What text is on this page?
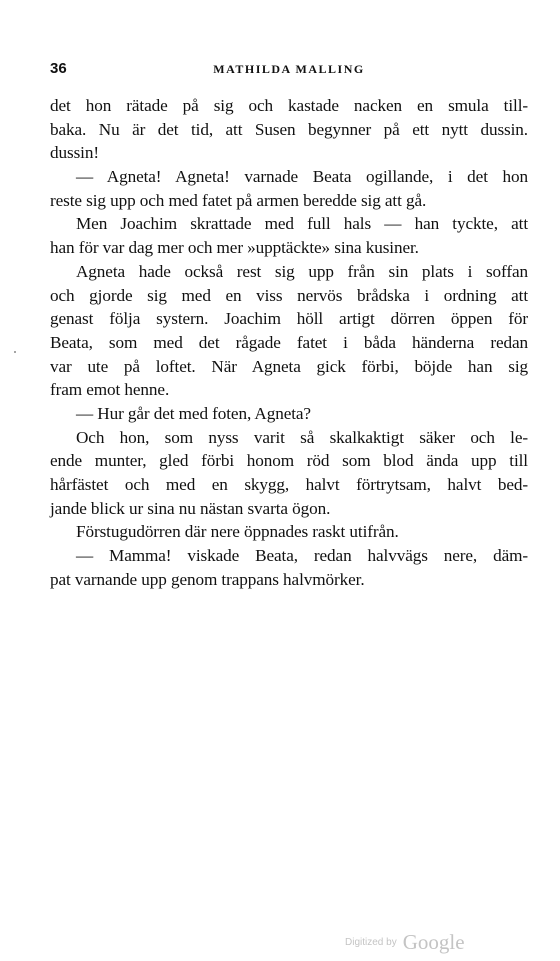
36	MATHILDA MALLING
det hon rätade på sig och kastade nacken en smula till-
baka. Nu är det tid, att Susen begynner på ett nytt dussin.
dussin!
— Agneta! Agneta! varnade Beata ogillande, i det hon
reste sig upp och med fatet på armen beredde sig att gå.
Men Joachim skrattade med full hals — han tyckte, att
han för var dag mer och mer »upptäckte» sina kusiner.
Agneta hade också rest sig upp från sin plats i soffan
och gjorde sig med en viss nervös brådska i ordning att
genast följa systern. Joachim höll artigt dörren öppen för
Beata, som med det rågade fatet i båda händerna redan
var ute på loftet. När Agneta gick förbi, böjde han sig
fram emot henne.
— Hur går det med foten, Agneta?
Och hon, som nyss varit så skalkaktigt säker och le-
ende munter, gled förbi honom röd som blod ända upp till
hårfästet och med en skygg, halvt förtrytsam, halvt bed-
jande blick ur sina nu nästan svarta ögon.
Förstugudörren där nere öppnades raskt utifrån.
— Mamma! viskade Beata, redan halvvägs nere, däm-
pat varnande upp genom trappans halvmörker.
Digitized by Google
